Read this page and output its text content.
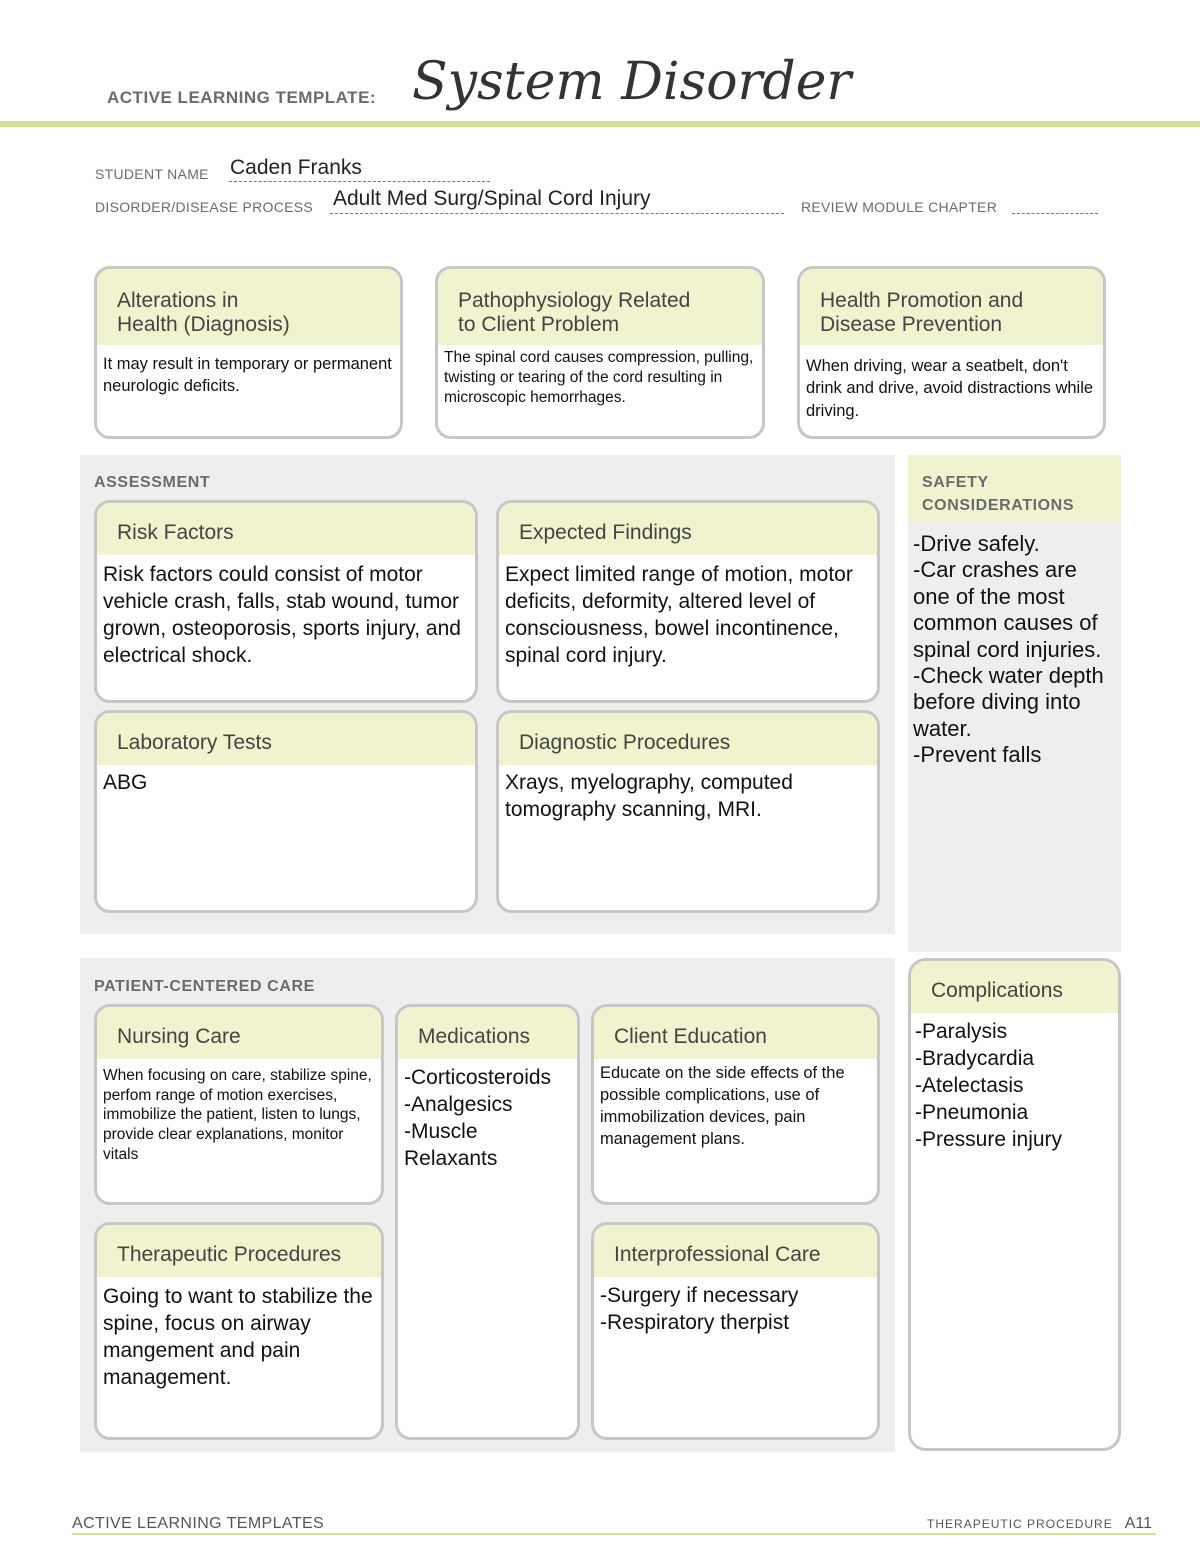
ACTIVE LEARNING TEMPLATE: System Disorder
STUDENT NAME Caden Franks
DISORDER/DISEASE PROCESS Adult Med Surg/Spinal Cord Injury	REVIEW MODULE CHAPTER
Alterations in
Health (Diagnosis)
It may result in temporary or permanent neurologic deficits.
Pathophysiology Related
to Client Problem
The spinal cord causes compression, pulling, twisting or tearing of the cord resulting in microscopic hemorrhages.
Health Promotion and
Disease Prevention
When driving, wear a seatbelt, don't drink and drive, avoid distractions while driving.
ASSESSMENT
Risk Factors
Risk factors could consist of motor vehicle crash, falls, stab wound, tumor grown, osteoporosis, sports injury, and electrical shock.
Expected Findings
Expect limited range of motion, motor deficits, deformity, altered level of consciousness, bowel incontinence, spinal cord injury.
Laboratory Tests
ABG
Diagnostic Procedures
Xrays, myelography, computed tomography scanning, MRI.
SAFETY
CONSIDERATIONS
-Drive safely.
-Car crashes are one of the most common causes of spinal cord injuries.
-Check water depth before diving into water.
-Prevent falls
PATIENT-CENTERED CARE
Nursing Care
When focusing on care, stabilize spine, perfom range of motion exercises, immobilize the patient, listen to lungs, provide clear explanations, monitor vitals
Medications
-Corticosteroids
-Analgesics
-Muscle Relaxants
Client Education
Educate on the side effects of the possible complications, use of immobilization devices, pain management plans.
Therapeutic Procedures
Going to want to stabilize the spine, focus on airway mangement and pain management.
Interprofessional Care
-Surgery if necessary
-Respiratory therpist
Complications
-Paralysis
-Bradycardia
-Atelectasis
-Pneumonia
-Pressure injury
ACTIVE LEARNING TEMPLATES	THERAPEUTIC PROCEDURE A11
